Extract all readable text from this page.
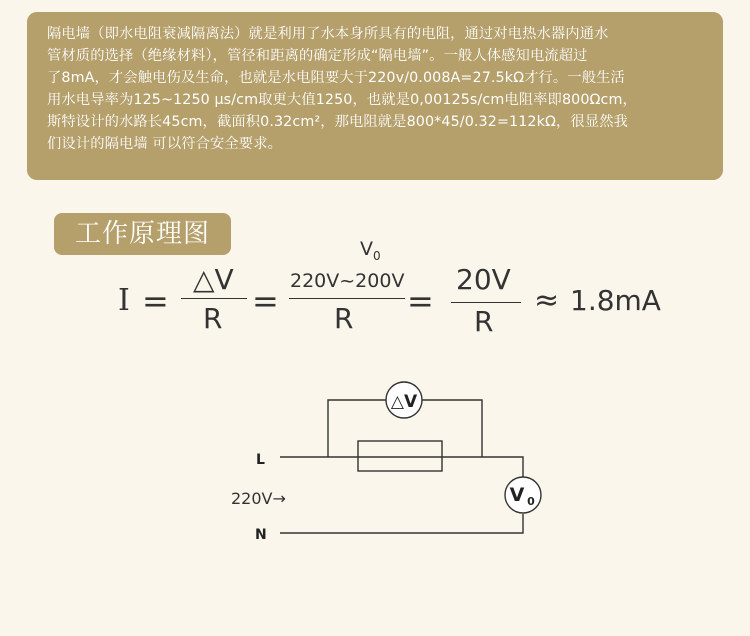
隔电墙（即水电阻衰减隔离法）就是利用了水本身所具有的电阻，通过对电热水器内通水
管材质的选择（绝缘材料），管径和距离的确定形成“隔电墙”。一般人体感知电流超过
了8mA，才会触电伤及生命，也就是水电阻要大于220v/0.008A=27.5kΩ才行。一般生活
用水电导率为125~1250 μs/cm取更大值1250，也就是0,00125s/cm电阻率即800Ωcm，
斯特设计的水路长45cm，截面积0.32cm²，那电阻就是800*45/0.32=112kΩ，很显然我
们设计的隔电墙 可以符合安全要求。
工作原理图
I =
△V
R =
$V_0$
220V~200V
R =
20V
R
≈ 1.8mA
△V
V 0
L
N
220V→
